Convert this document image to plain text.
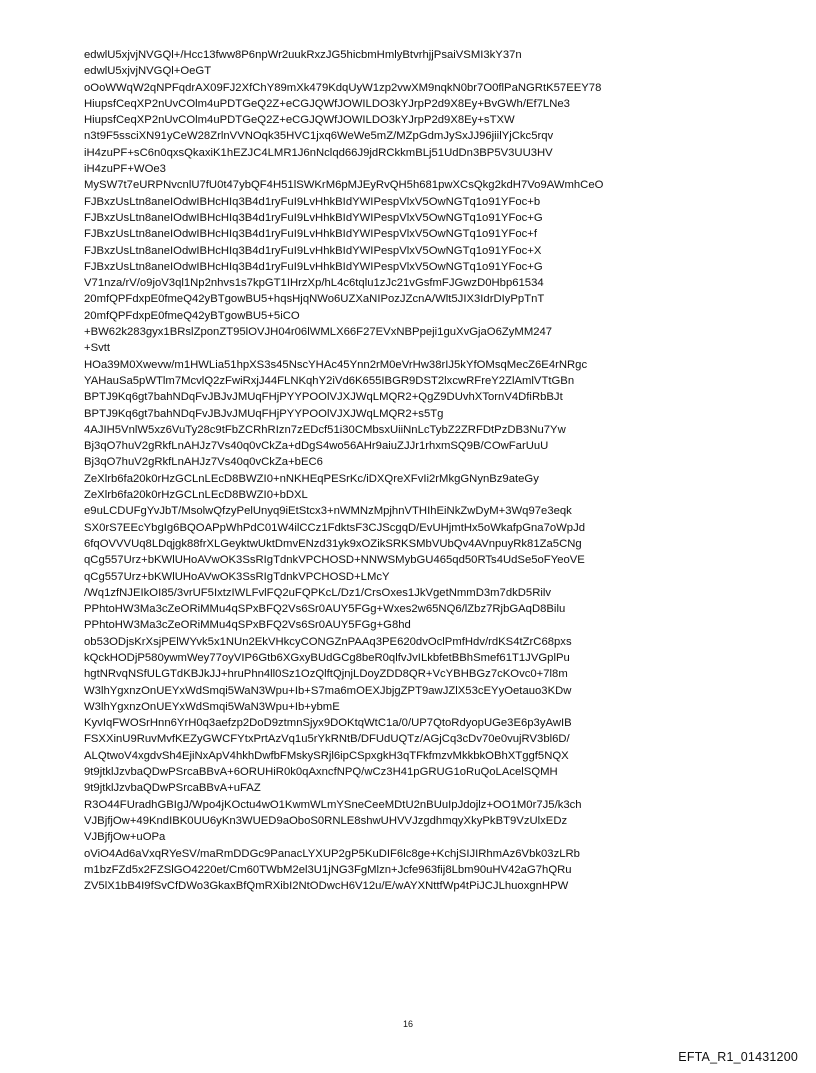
edwlU5xjvjNVGQl+/Hcc13fww8P6npWr2uukRxzJG5hicbmHmlyBtvrhjjPsaiVSMI3kY37n
edwlU5xjvjNVGQl+OeGT
oOoWWqW2qNPFqdrAX09FJ2XfChY89mXk479KdqUyW1zp2vwXM9nqkN0br7O0flPaNGRtK57EEY78
HiupsfCeqXP2nUvCOlm4uPDTGeQ2Z+eCGJQWfJOWILDO3kYJrpP2d9X8Ey+BvGWh/Ef7LNe3
HiupsfCeqXP2nUvCOlm4uPDTGeQ2Z+eCGJQWfJOWILDO3kYJrpP2d9X8Ey+sTXW
n3t9F5ssciXN91yCeW28ZrlnVVNOqk35HVC1jxq6WeWe5mZ/MZpGdmJySxJJ96jiilYjCkc5rqv
iH4zuPF+sC6n0qxsQkaxiK1hEZJC4LMR1J6nNclqd66J9jdRCkkmBLj51UdDn3BP5V3UU3HV
iH4zuPF+WOe3
MySW7t7eURPNvcnlU7fU0t47ybQF4H51lSWKrM6pMJEyRvQH5h681pwXCsQkg2kdH7Vo9AWmhCeO
FJBxzUsLtn8aneIOdwIBHcHIq3B4d1ryFuI9LvHhkBIdYWIPespVlxV5OwNGTq1o91YFoc+b
FJBxzUsLtn8aneIOdwIBHcHIq3B4d1ryFuI9LvHhkBIdYWIPespVlxV5OwNGTq1o91YFoc+G
FJBxzUsLtn8aneIOdwIBHcHIq3B4d1ryFuI9LvHhkBIdYWIPespVlxV5OwNGTq1o91YFoc+f
FJBxzUsLtn8aneIOdwIBHcHIq3B4d1ryFuI9LvHhkBIdYWIPespVlxV5OwNGTq1o91YFoc+X
FJBxzUsLtn8aneIOdwIBHcHIq3B4d1ryFuI9LvHhkBIdYWIPespVlxV5OwNGTq1o91YFoc+G
V71nza/rV/o9joV3ql1Np2nhvs1s7kpGT1IHrzXp/hL4c6tqlu1zJc21vGsfmFJGwzD0Hbp61534
20mfQPFdxpE0fmeQ42yBTgowBU5+hqsHjqNWo6UZXaNIPozJZcnA/Wlt5JIX3IdrDIyPpTnT
20mfQPFdxpE0fmeQ42yBTgowBU5+5iCO
+BW62k283gyx1BRslZponZT95lOVJH04r06lWMLX66F27EVxNBPpeji1guXvGjaO6ZyMM247
+Svtt
HOa39M0Xwevw/m1HWLia51hpXS3s45NscYHAc45Ynn2rM0eVrHw38rIJ5kYfOMsqMecZ6E4rNRgc
YAHauSa5pWTlm7McvlQ2zFwiRxjJ44FLNKqhY2iVd6K655IBGR9DST2lxcwRFreY2ZlAmlVTtGBn
BPTJ9Kq6gt7bahNDqFvJBJvJMUqFHjPYYPOOlVJXJWqLMQR2+QgZ9DUvhXTornV4DfiRbBJt
BPTJ9Kq6gt7bahNDqFvJBJvJMUqFHjPYYPOOlVJXJWqLMQR2+s5Tg
4AJIH5VnlW5xz6VuTy28c9tFbZCRhRIzn7zEDcf51i30CMbsxUiiNnLcTybZ2ZRFDtPzDB3Nu7Yw
Bj3qO7huV2gRkfLnAHJz7Vs40q0vCkZa+dDgS4wo56AHr9aiuZJJr1rhxmSQ9B/COwFarUuU
Bj3qO7huV2gRkfLnAHJz7Vs40q0vCkZa+bEC6
ZeXlrb6fa20k0rHzGCLnLEcD8BWZI0+nNKHEqPESrKc/iDXQreXFvIi2rMkgGNynBz9ateGy
ZeXlrb6fa20k0rHzGCLnLEcD8BWZI0+bDXL
e9uLCDUFgYvJbT/MsolwQfzyPelUnyq9iEtStcx3+nWMNzMpjhnVTHIhEiNkZwDyM+3Wq97e3eqk
SX0rS7EEcYbgIg6BQOAPpWhPdC01W4ilCCz1FdktsF3CJScgqD/EvUHjmtHx5oWkafpGna7oWpJd
6fqOVVVUq8LDqjgk88frXLGeyktwUktDmvENzd31yk9xOZikSRKSMbVUbQv4AVnpuyRk81Za5CNg
qCg557Urz+bKWlUHoAVwOK3SsRIgTdnkVPCHOSD+NNWSMybGU465qd50RTs4UdSe5oFYeoVE
qCg557Urz+bKWlUHoAVwOK3SsRIgTdnkVPCHOSD+LMcY
/Wq1zfNJEIkOI85/3vrUF5IxtzIWLFvlFQ2uFQPKcL/Dz1/CrsOxes1JkVgetNmmD3m7dkD5Rilv
PPhtoHW3Ma3cZeORiMMu4qSPxBFQ2Vs6Sr0AUY5FGg+Wxes2w65NQ6/lZbz7RjbGAqD8Bilu
PPhtoHW3Ma3cZeORiMMu4qSPxBFQ2Vs6Sr0AUY5FGg+G8hd
ob53ODjsKrXsjPElWYvk5x1NUn2EkVHkcyCONGZnPAAq3PE620dvOclPmfHdv/rdKS4tZrC68pxs
kQckHODjP580ywmWey77oyVIP6Gtb6XGxyBUdGCg8beR0qlfvJvILkbfetBBhSmef61T1JVGplPu
hgtNRvqNSfULGTdKBJkJJ+hruPhn4ll0Sz1OzQlftQjnjLDoyZDD8QR+VcYBHBGz7cKOvc0+7l8m
W3lhYgxnzOnUEYxWdSmqi5WaN3Wpu+Ib+S7ma6mOEXJbjgZPT9awJZlX53cEYyOetauo3KDw
W3lhYgxnzOnUEYxWdSmqi5WaN3Wpu+Ib+ybmE
KyvIqFWOSrHnn6YrH0q3aefzp2DoD9ztmnSjyx9DOKtqWtC1a/0/UP7QtoRdyopUGe3E6p3yAwIB
FSXXinU9RuvMvfKEZyGWCFYtxPrtAzVq1u5rYkRNtB/DFUdUQTz/AGjCq3cDv70e0vujRV3bl6D/
ALQtwoV4xgdvSh4EjiNxApV4hkhDwfbFMskySRjl6ipCSpxgkH3qTFkfmzvMkkbkOBhXTggf5NQX
9t9jtklJzvbaQDwPSrcaBBvA+6ORUHiR0k0qAxncfNPQ/wCz3H41pGRUG1oRuQoLAcelSQMH
9t9jtklJzvbaQDwPSrcaBBvA+uFAZ
R3O44FUradhGBIgJ/Wpo4jKOctu4wO1KwmWLmYSneCeeMDtU2nBUuIpJdojlz+OO1M0r7J5/k3ch
VJBjfjOw+49KndIBK0UU6yKn3WUED9aOboS0RNLE8shwUHVVJzgdhmqyXkyPkBT9VzUlxEDz
VJBjfjOw+uOPa
oViO4Ad6aVxqRYeSV/maRmDDGc9PanacLYXUP2gP5KuDIF6lc8ge+KchjSIJIRhmAz6Vbk03zLRb
m1bzFZd5x2FZSlGO4220et/Cm60TWbM2el3U1jNG3FgMlzn+Jcfe963fij8Lbm90uHV42aG7hQRu
ZV5lX1bB4I9fSvCfDWo3GkaxBfQmRXibI2NtODwcH6V12u/E/wAYXNttfWp4tPiJCJLhuoxgnHPW
16
EFTA_R1_01431200
